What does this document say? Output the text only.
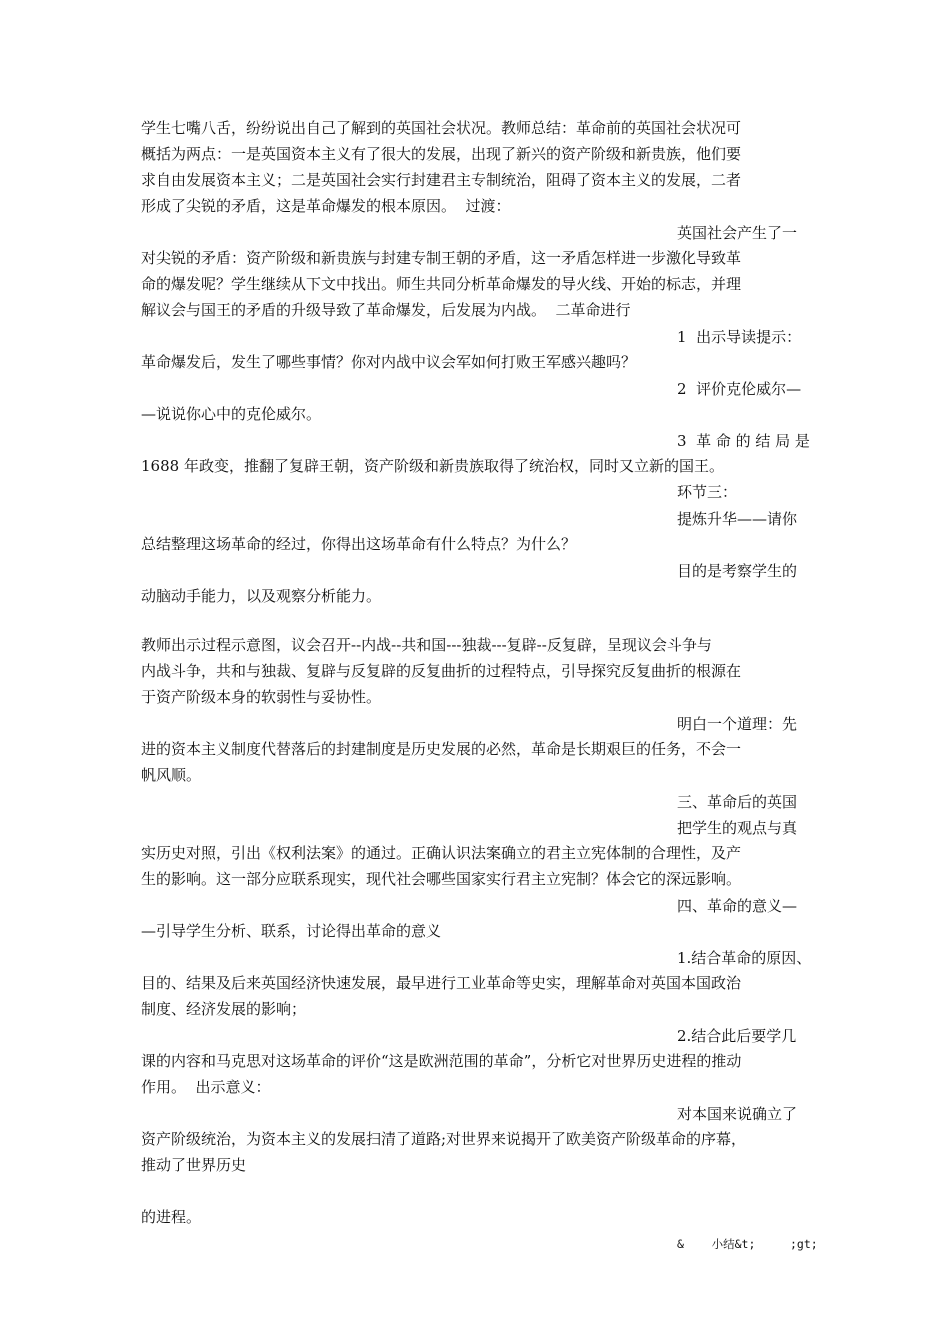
学生七嘴八舌，纷纷说出自己了解到的英国社会状况。教师总结：革命前的英国社会状况可

概括为两点：一是英国资本主义有了很大的发展，出现了新兴的资产阶级和新贵族，他们要

求自由发展资本主义；二是英国社会实行封建君主专制统治，阻碍了资本主义的发展，二者

形成了尖锐的矛盾，这是革命爆发的根本原因。  过渡：

英国社会产生了一

对尖锐的矛盾：资产阶级和新贵族与封建专制王朝的矛盾，这一矛盾怎样进一步激化导致革

命的爆发呢？学生继续从下文中找出。师生共同分析革命爆发的导火线、开始的标志，并理

解议会与国王的矛盾的升级导致了革命爆发，后发展为内战。  二革命进行

1  出示导读提示：

革命爆发后，发生了哪些事情？你对内战中议会军如何打败王军感兴趣吗？

2  评价克伦威尔—

—说说你心中的克伦威尔。

3  革 命 的 结 局 是

1688 年政变，推翻了复辟王朝，资产阶级和新贵族取得了统治权，同时又立新的国王。

环节三：

提炼升华——请你

总结整理这场革命的经过，你得出这场革命有什么特点？为什么？

目的是考察学生的

动脑动手能力，以及观察分析能力。

教师出示过程示意图，议会召开--内战--共和国---独裁---复辟--反复辟，呈现议会斗争与

内战斗争，共和与独裁、复辟与反复辟的反复曲折的过程特点，引导探究反复曲折的根源在

于资产阶级本身的软弱性与妥协性。

明白一个道理：先

进的资本主义制度代替落后的封建制度是历史发展的必然，革命是长期艰巨的任务，不会一

帆风顺。

三、革命后的英国

把学生的观点与真

实历史对照，引出《权利法案》的通过。正确认识法案确立的君主立宪体制的合理性，及产

生的影响。这一部分应联系现实，现代社会哪些国家实行君主立宪制？体会它的深远影响。

四、革命的意义—

—引导学生分析、联系，讨论得出革命的意义

1.结合革命的原因、

目的、结果及后来英国经济快速发展，最早进行工业革命等史实，理解革命对英国本国政治

制度、经济发展的影响；

2.结合此后要学几

课的内容和马克思对这场革命的评价“这是欧洲范围的革命”，分析它对世界历史进程的推动

作用。  出示意义：

对本国来说确立了

资产阶级统治，为资本主义的发展扫清了道路;对世界来说揭开了欧美资产阶级革命的序幕，

推动了世界历史

的进程。

&    小结&t;     ;gt;
